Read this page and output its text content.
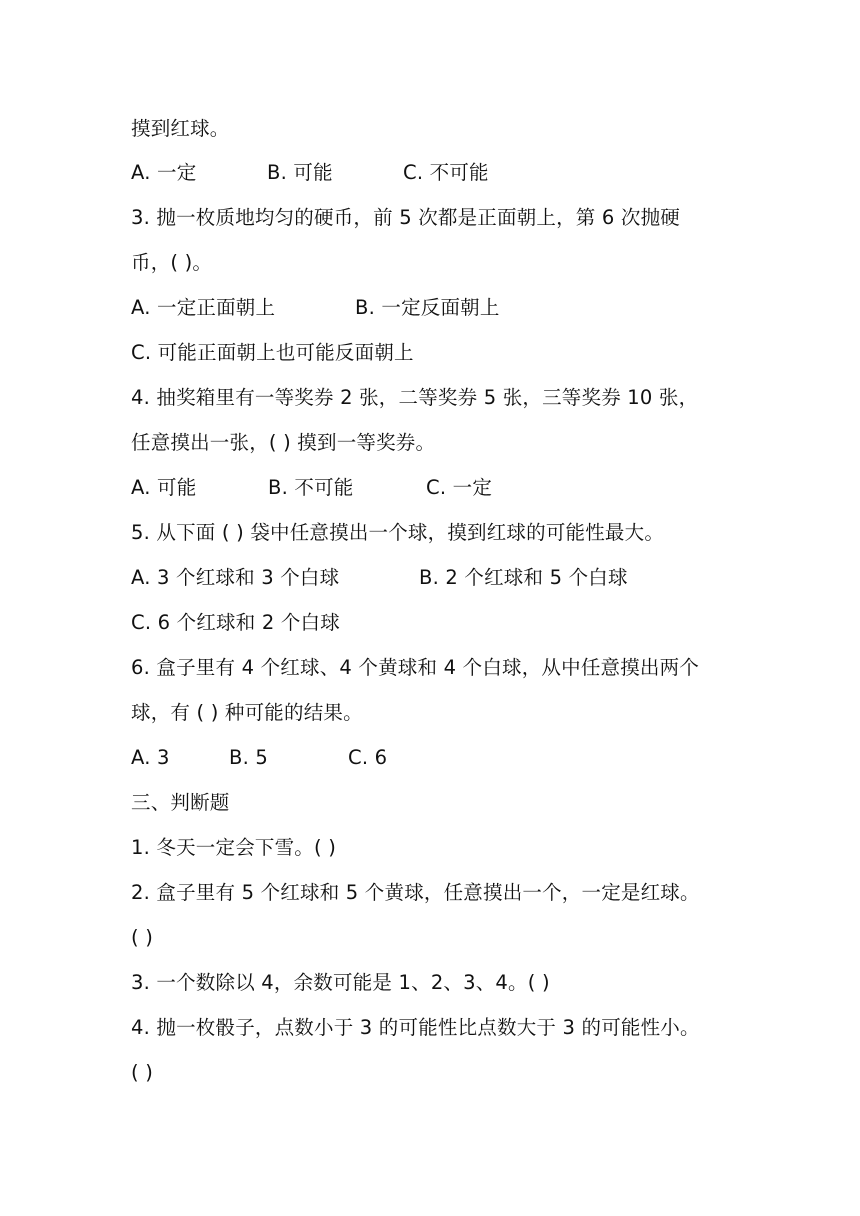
摸到红球。
A. 一定	B. 可能	C. 不可能
3. 抛一枚质地均匀的硬币，前 5 次都是正面朝上，第 6 次抛硬
币，( )。
A. 一定正面朝上	B. 一定反面朝上
C. 可能正面朝上也可能反面朝上
4. 抽奖箱里有一等奖券 2 张，二等奖券 5 张，三等奖券 10 张，
任意摸出一张，( ) 摸到一等奖券。
A. 可能	B. 不可能	C. 一定
5. 从下面 ( ) 袋中任意摸出一个球，摸到红球的可能性最大。
A. 3 个红球和 3 个白球	B. 2 个红球和 5 个白球
C. 6 个红球和 2 个白球
6. 盒子里有 4 个红球、4 个黄球和 4 个白球，从中任意摸出两个
球，有 ( ) 种可能的结果。
A. 3	B. 5	C. 6
三、判断题
1. 冬天一定会下雪。( )
2. 盒子里有 5 个红球和 5 个黄球，任意摸出一个，一定是红球。
( )
3. 一个数除以 4，余数可能是 1、2、3、4。( )
4. 抛一枚骰子，点数小于 3 的可能性比点数大于 3 的可能性小。
( )
